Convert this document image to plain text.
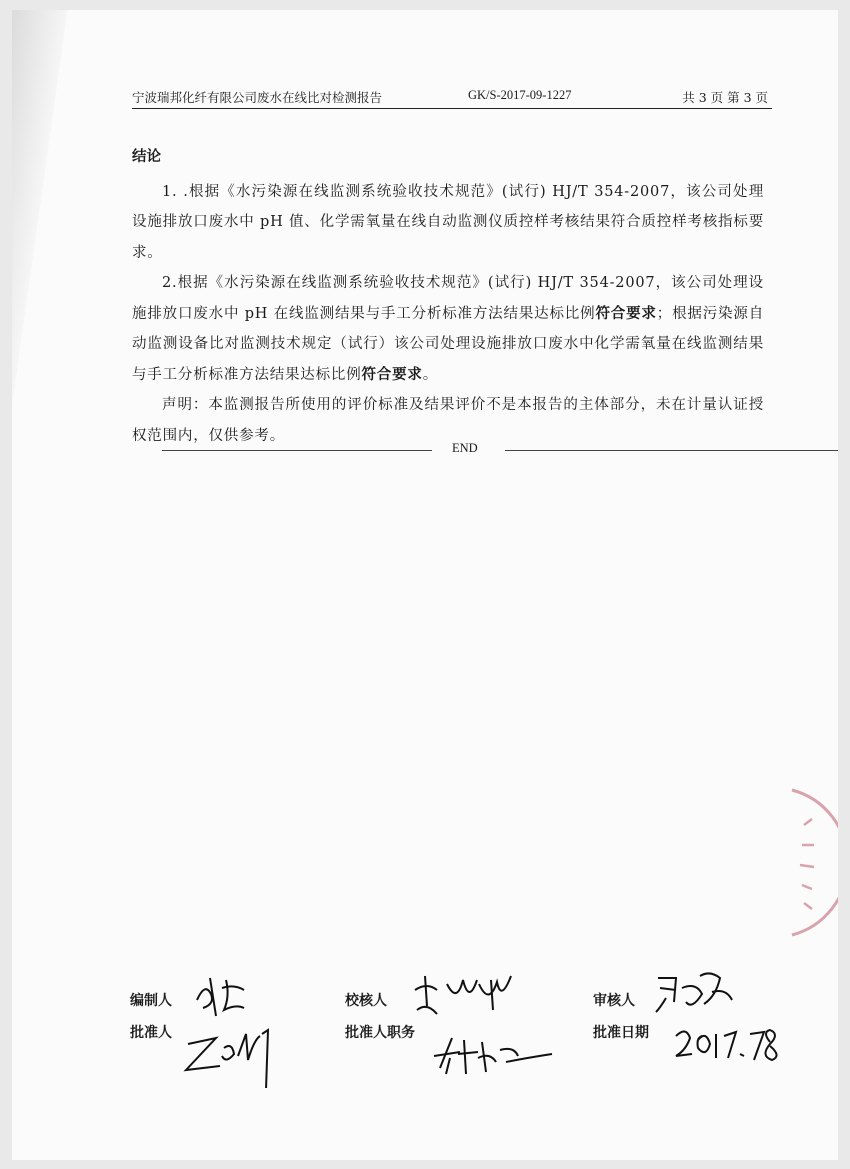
宁波瑞邦化纤有限公司废水在线比对检测报告	GK/S-2017-09-1227	共 3 页 第 3 页

结论

1. .根据《水污染源在线监测系统验收技术规范》(试行) HJ/T 354-2007，该公司处理设施排放口废水中 pH 值、化学需氧量在线自动监测仪质控样考核结果符合质控样考核指标要求。

2.根据《水污染源在线监测系统验收技术规范》(试行) HJ/T 354-2007，该公司处理设施排放口废水中 pH 在线监测结果与手工分析标准方法结果达标比例符合要求；根据污染源自动监测设备比对监测技术规定（试行）该公司处理设施排放口废水中化学需氧量在线监测结果与手工分析标准方法结果达标比例符合要求。

声明：本监测报告所使用的评价标准及结果评价不是本报告的主体部分，未在计量认证授权范围内，仅供参考。

END
编制人	校核人	审核人
批准人	批准人职务	批准日期
